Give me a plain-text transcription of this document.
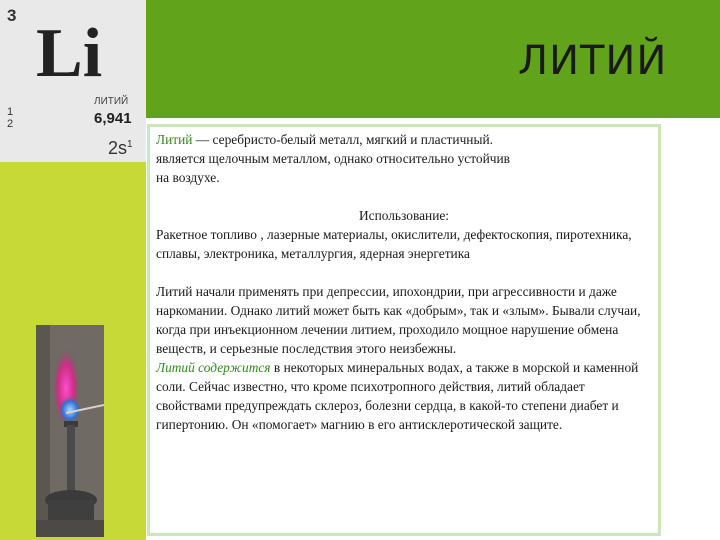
3 Li
ЛИТИЙ
6,941
1
2
$2s^1$
ЛИТИЙ

Литий — серебристо-белый металл, мягкий и пластичный.

является щелочным металлом, однако относительно устойчив

на воздухе.

Использование:

Ракетное топливо , лазерные материалы, окислители, дефектоскопия, пиротехника, сплавы, электроника, металлургия, ядерная энергетика

Литий начали применять при депрессии, ипохондрии, при агрессивности и даже наркомании. Однако литий может быть как «добрым», так и «злым». Бывали случаи, когда при инъекционном лечении литием, проходило мощное нарушение обмена веществ, и серьезные последствия этого неизбежны.

Литий содержится в некоторых минеральных водах, а также в морской и каменной соли. Сейчас известно, что кроме психотропного действия, литий обладает свойствами предупреждать склероз, болезни сердца, в какой-то степени диабет и гипертонию. Он «помогает» магнию в его антисклеротической защите.
